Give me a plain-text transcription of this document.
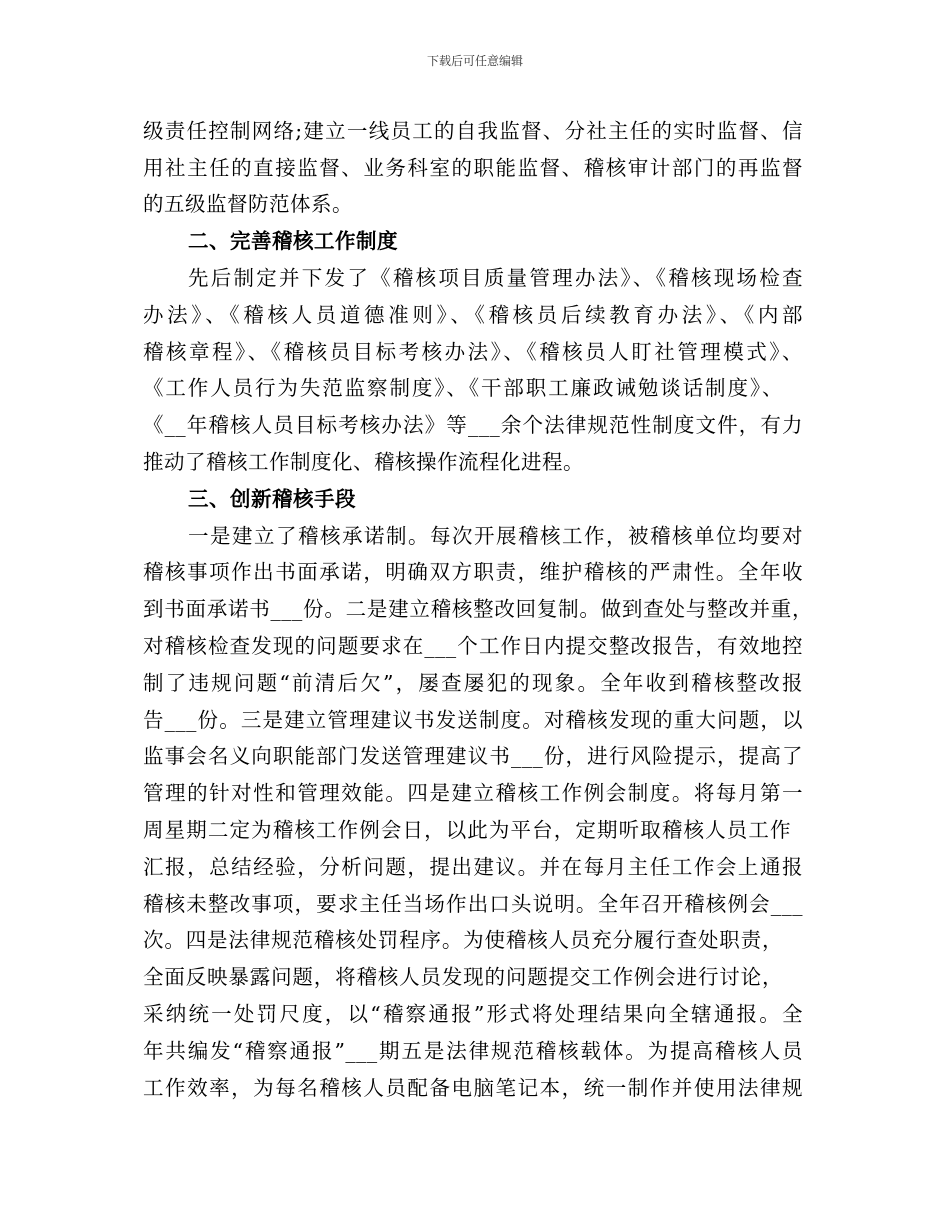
下载后可任意编辑
级责任控制网络;建立一线员工的自我监督、分社主任的实时监督、信
用社主任的直接监督、业务科室的职能监督、稽核审计部门的再监督
的五级监督防范体系。
二、完善稽核工作制度
先后制定并下发了《稽核项目质量管理办法》、《稽核现场检查
办法》、《稽核人员道德准则》、《稽核员后续教育办法》、《内部
稽核章程》、《稽核员目标考核办法》、《稽核员人盯社管理模式》、
《工作人员行为失范监察制度》、《干部职工廉政诫勉谈话制度》、
《__年稽核人员目标考核办法》等___余个法律规范性制度文件，有力
推动了稽核工作制度化、稽核操作流程化进程。
三、创新稽核手段
一是建立了稽核承诺制。每次开展稽核工作，被稽核单位均要对
稽核事项作出书面承诺，明确双方职责，维护稽核的严肃性。全年收
到书面承诺书___份。二是建立稽核整改回复制。做到查处与整改并重，
对稽核检查发现的问题要求在___个工作日内提交整改报告，有效地控
制了违规问题“前清后欠”，屡查屡犯的现象。全年收到稽核整改报
告___份。三是建立管理建议书发送制度。对稽核发现的重大问题，以
监事会名义向职能部门发送管理建议书___份，进行风险提示，提高了
管理的针对性和管理效能。四是建立稽核工作例会制度。将每月第一
周星期二定为稽核工作例会日，以此为平台，定期听取稽核人员工作
汇报，总结经验，分析问题，提出建议。并在每月主任工作会上通报
稽核未整改事项，要求主任当场作出口头说明。全年召开稽核例会___
次。四是法律规范稽核处罚程序。为使稽核人员充分履行查处职责，
全面反映暴露问题，将稽核人员发现的问题提交工作例会进行讨论，
采纳统一处罚尺度，以“稽察通报”形式将处理结果向全辖通报。全
年共编发“稽察通报”___期五是法律规范稽核载体。为提高稽核人员
工作效率，为每名稽核人员配备电脑笔记本，统一制作并使用法律规
